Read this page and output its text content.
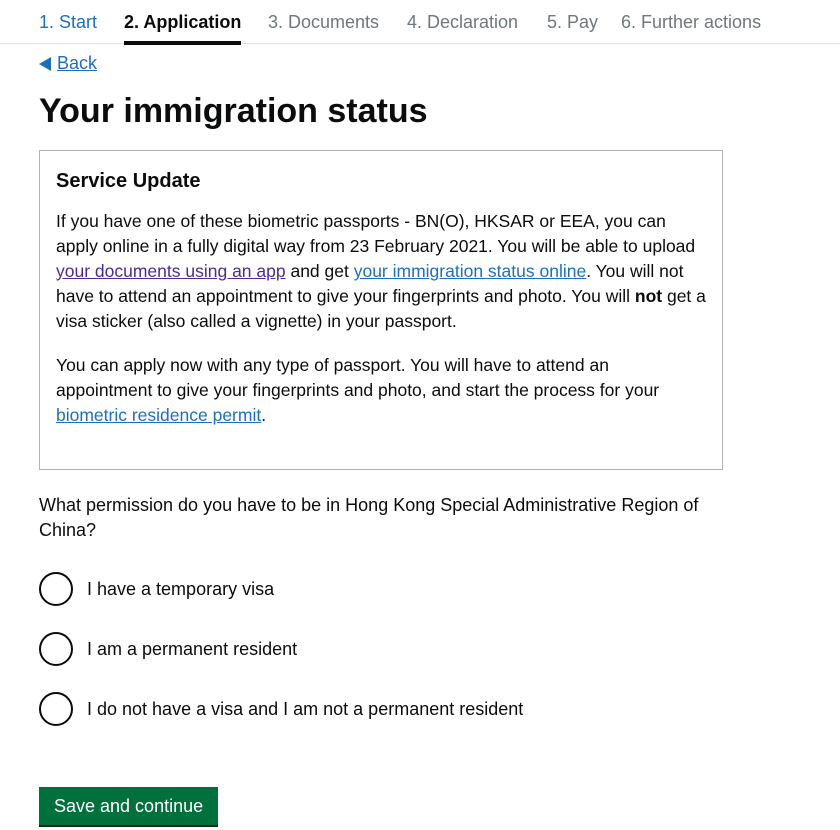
1. Start 2. Application 3. Documents 4. Declaration 5. Pay 6. Further actions
Back
Your immigration status
Service Update

If you have one of these biometric passports - BN(O), HKSAR or EEA, you can apply online in a fully digital way from 23 February 2021. You will be able to upload your documents using an app and get your immigration status online. You will not have to attend an appointment to give your fingerprints and photo. You will not get a visa sticker (also called a vignette) in your passport.

You can apply now with any type of passport. You will have to attend an appointment to give your fingerprints and photo, and start the process for your biometric residence permit.

What permission do you have to be in Hong Kong Special Administrative Region of China?

I have a temporary visa
I am a permanent resident
I do not have a visa and I am not a permanent resident
Save and continue
